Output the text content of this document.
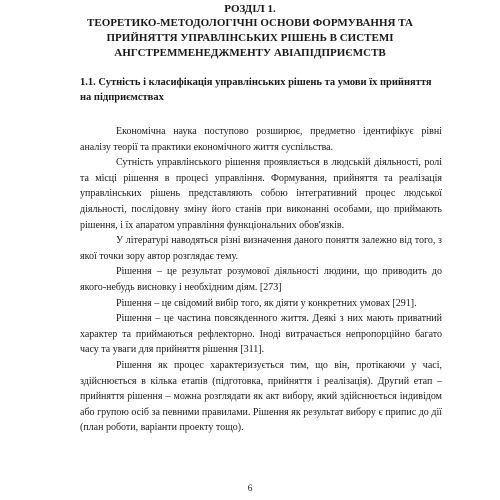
РОЗДІЛ 1.
ТЕОРЕТИКО-МЕТОДОЛОГІЧНІ ОСНОВИ ФОРМУВАННЯ ТА
ПРИЙНЯТТЯ УПРАВЛІНСЬКИХ РІШЕНЬ В СИСТЕМІ
АНГСТРЕММЕНЕДЖМЕНТУ АВІАПІДПРИЄМСТВ
1.1. Сутність і класифікація управлінських рішень та умови їх прийняття на підприємствах

Економічна наука поступово розширює, предметно ідентифікує рівні аналізу теорії та практики економічного життя суспільства.

Сутність управлінського рішення проявляється в людській діяльності, ролі та місці рішення в процесі управління. Формування, прийняття та реалізація управлінських рішень представляють собою інтегративний процес людської діяльності, послідовну зміну його станів при виконанні особами, що приймають рішення, і їх апаратом управління функціональних обов'язків.

У літературі наводяться різні визначення даного поняття залежно від того, з якої точки зору автор розглядає тему.

Рішення – це результат розумової діяльності людини, що приводить до якого-небудь висновку і необхідним діям. [273]

Рішення – це свідомий вибір того, як діяти у конкретних умовах [291].

Рішення – це частина повсякденного життя. Деякі з них мають приватний характер та приймаються рефлекторно. Іноді витрачається непропорційно багато часу та уваги для прийняття рішення [311].

Рішення як процес характеризується тим, що він, протікаючи у часі, здійснюється в кілька етапів (підготовка, прийняття і реалізація). Другий етап – прийняття рішення – можна розглядати як акт вибору, який здійснюється індивідом або групою осіб за певними правилами. Рішення як результат вибору є припис до дії (план роботи, варіанти проекту тощо).

6
